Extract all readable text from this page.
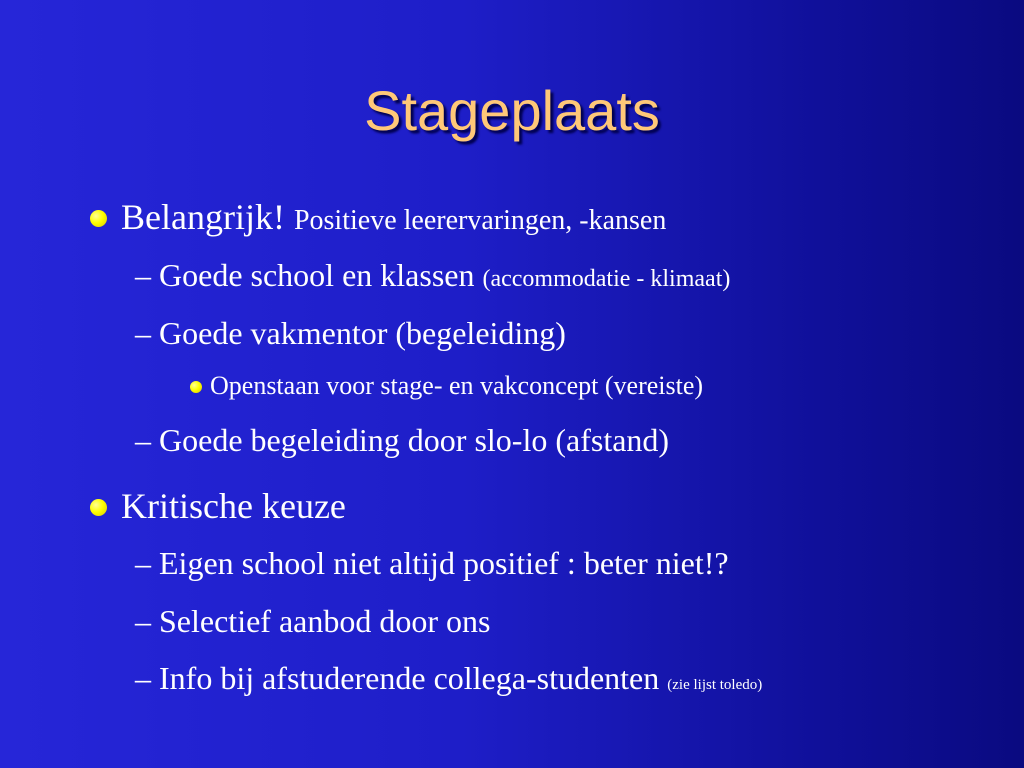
Stageplaats
Belangrijk! Positieve leerervaringen, -kansen
– Goede school en klassen (accommodatie - klimaat)
– Goede vakmentor (begeleiding)
Openstaan voor stage- en vakconcept (vereiste)
– Goede begeleiding door slo-lo (afstand)
Kritische keuze
– Eigen school niet altijd positief : beter niet!?
– Selectief aanbod door ons
– Info bij afstuderende collega-studenten (zie lijst toledo)
